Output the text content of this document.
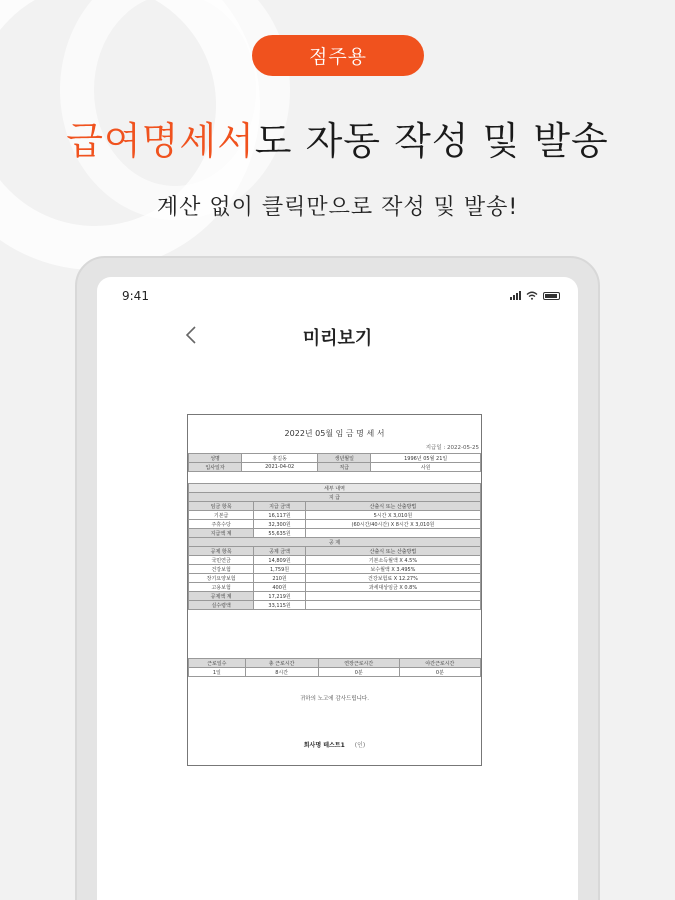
점주용
급여명세서도 자동 작성 및 발송
계산 없이 클릭만으로 작성 및 발송!
9:41
미리보기
2022년 05월 임 금 명 세 서
지급일 : 2022-05-25
성명	홍길동	생년월일	1996년 05월 21일
입사일자	2021-04-02	직급	사원
세부 내역		
지 급		
임금 항목	지급 금액	산출식 또는 산출방법
기본급	16,117원	5시간 X 3,010원
주휴수당	32,300원	(60시간/40시간) X 8시간 X 3,010원
지급액 계	55,635원	
공 제		
공제 항목	공제 금액	산출식 또는 산출방법
국민연금	14,809원	기본소득월액 X 4.5%
건강보험	1,759원	보수월액 X 3.495%
장기요양보험	210원	건강보험료 X 12.27%
고용보험	400원	과세대상임금 X 0.8%
공제액 계	17,219원	
실수령액	33,115원	
근로일수	총 근로시간	연장근로시간	야간근로시간
1일	8시간	0분	0분
귀하의 노고에 감사드립니다.
회사명 테스트1 (인)
